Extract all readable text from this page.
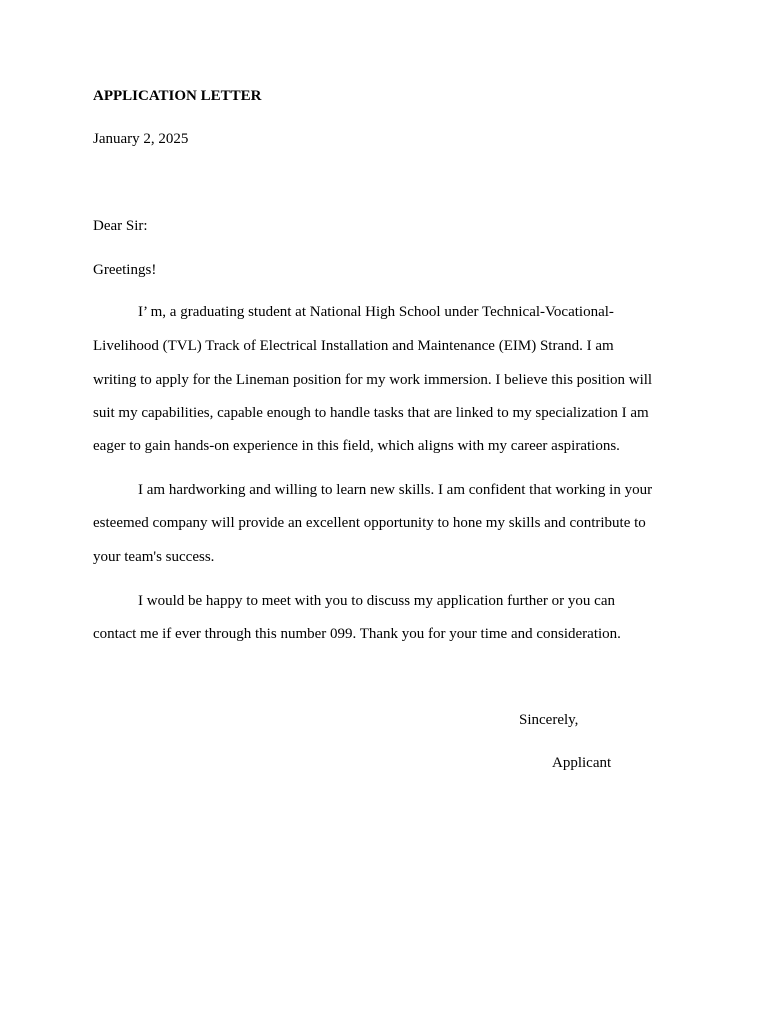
APPLICATION LETTER
January 2, 2025
Dear Sir:
Greetings!
I’ m, a graduating student at National High School under Technical-Vocational-
Livelihood (TVL) Track of Electrical Installation and Maintenance (EIM) Strand. I am
writing to apply for the Lineman position for my work immersion. I believe this position will
suit my capabilities, capable enough to handle tasks that are linked to my specialization I am
eager to gain hands-on experience in this field, which aligns with my career aspirations.
I am hardworking and willing to learn new skills. I am confident that working in your
esteemed company will provide an excellent opportunity to hone my skills and contribute to
your team's success.
I would be happy to meet with you to discuss my application further or you can
contact me if ever through this number 099. Thank you for your time and consideration.
Sincerely,
Applicant
